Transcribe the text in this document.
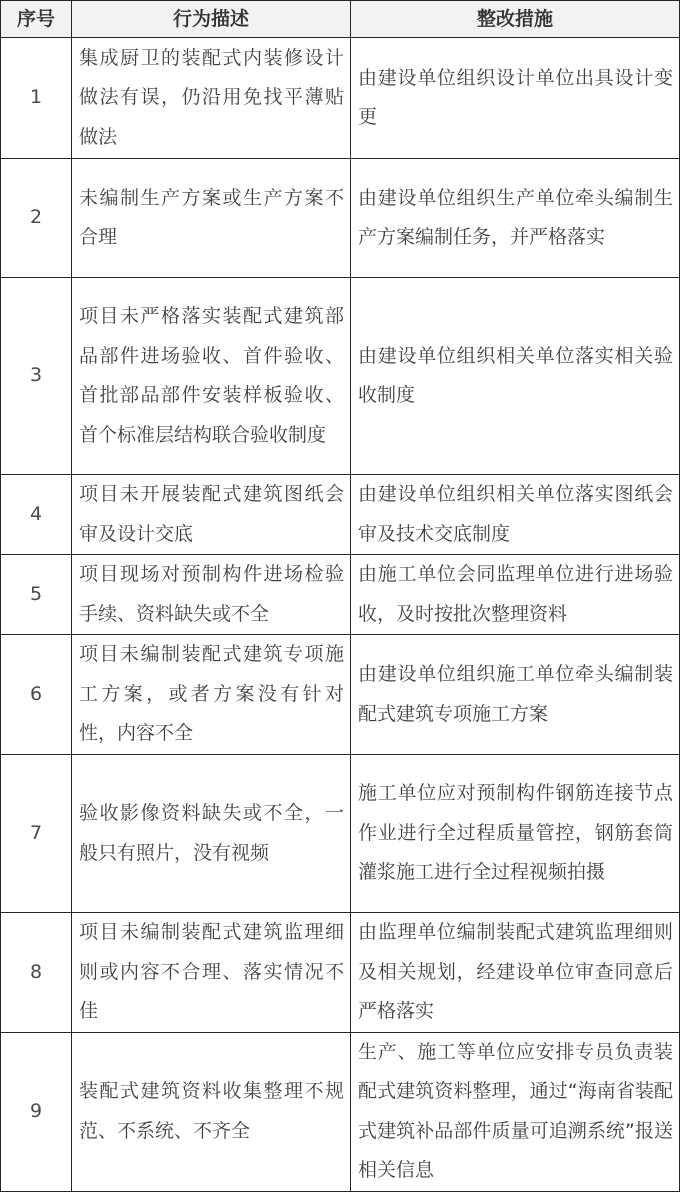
序号	行为描述	整改措施
1	集成厨卫的装配式内装修设计做法有误，仍沿用免找平薄贴做法	由建设单位组织设计单位出具设计变更
2	未编制生产方案或生产方案不合理	由建设单位组织生产单位牵头编制生产方案编制任务，并严格落实
3	项目未严格落实装配式建筑部品部件进场验收、首件验收、首批部品部件安装样板验收、首个标准层结构联合验收制度	由建设单位组织相关单位落实相关验收制度
4	项目未开展装配式建筑图纸会审及设计交底	由建设单位组织相关单位落实图纸会审及技术交底制度
5	项目现场对预制构件进场检验手续、资料缺失或不全	由施工单位会同监理单位进行进场验收，及时按批次整理资料
6	项目未编制装配式建筑专项施工方案，或者方案没有针对性，内容不全	由建设单位组织施工单位牵头编制装配式建筑专项施工方案
7	验收影像资料缺失或不全，一般只有照片，没有视频	施工单位应对预制构件钢筋连接节点作业进行全过程质量管控，钢筋套筒灌浆施工进行全过程视频拍摄
8	项目未编制装配式建筑监理细则或内容不合理、落实情况不佳	由监理单位编制装配式建筑监理细则及相关规划，经建设单位审查同意后严格落实
9	装配式建筑资料收集整理不规范、不系统、不齐全	生产、施工等单位应安排专员负责装配式建筑资料整理，通过“海南省装配式建筑补品部件质量可追溯系统”报送相关信息
